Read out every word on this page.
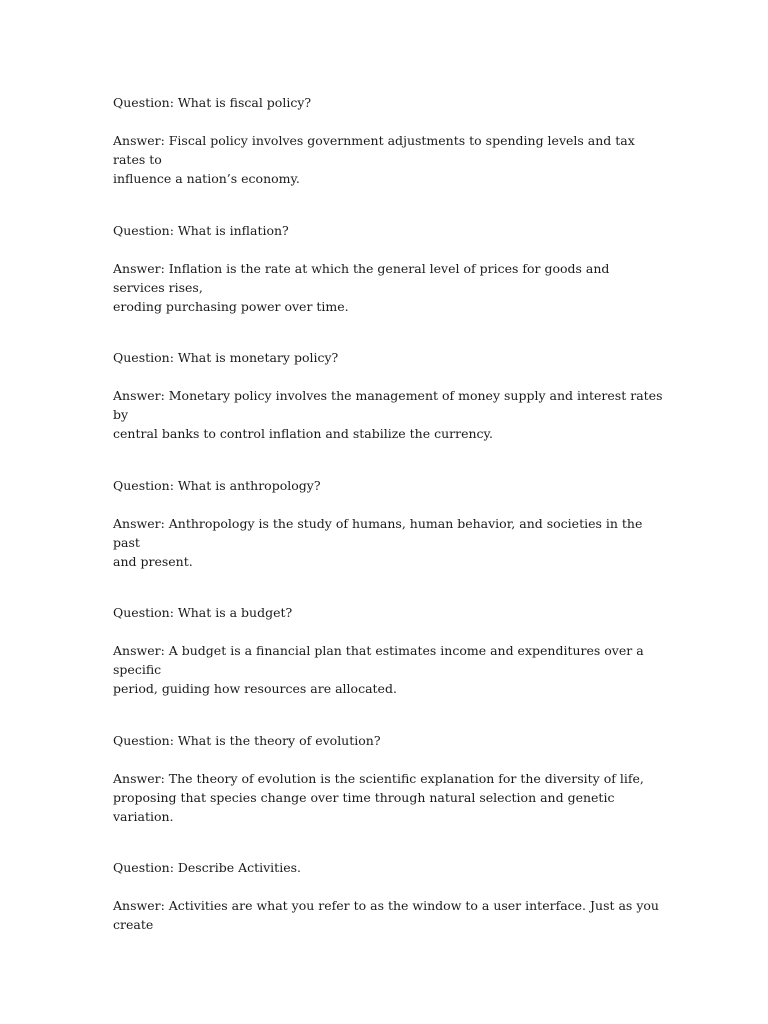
Question: What is fiscal policy?

Answer: Fiscal policy involves government adjustments to spending levels and tax rates to
influence a nation’s economy.

Question: What is inflation?

Answer: Inflation is the rate at which the general level of prices for goods and services rises,
eroding purchasing power over time.

Question: What is monetary policy?

Answer: Monetary policy involves the management of money supply and interest rates by
central banks to control inflation and stabilize the currency.

Question: What is anthropology?

Answer: Anthropology is the study of humans, human behavior, and societies in the past
and present.

Question: What is a budget?

Answer: A budget is a financial plan that estimates income and expenditures over a specific
period, guiding how resources are allocated.

Question: What is the theory of evolution?

Answer: The theory of evolution is the scientific explanation for the diversity of life,
proposing that species change over time through natural selection and genetic variation.

Question: Describe Activities.

Answer: Activities are what you refer to as the window to a user interface. Just as you create
